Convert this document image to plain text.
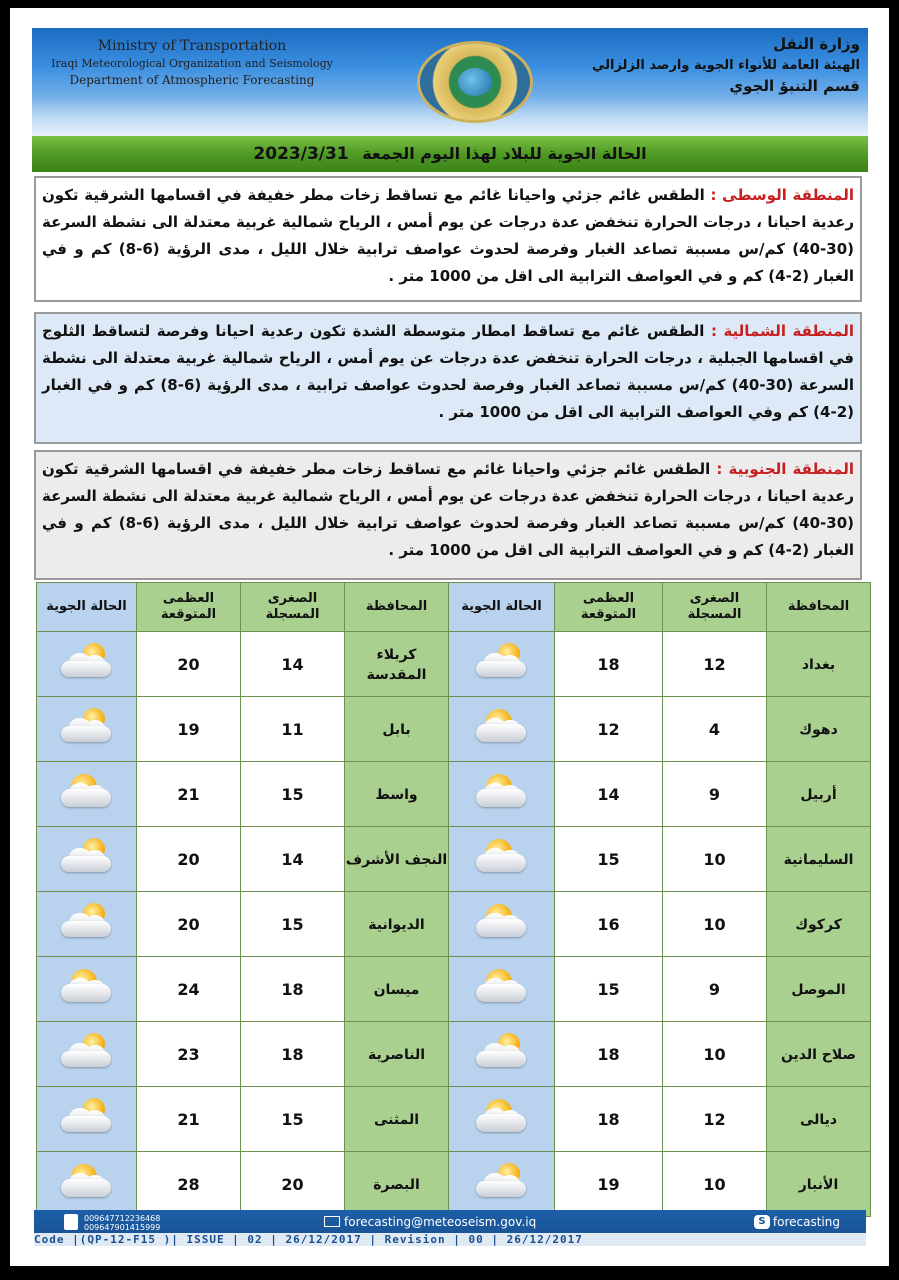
Ministry of Transportation
Iraqi Meteorological Organization and Seismology
Department of Atmospheric Forecasting
وزارة النقل
الهيئة العامة للأنواء الجوية وارصد الزلزالي
قسم التنبؤ الجوي
الحالة الجوية للبلاد لهذا اليوم الجمعة 2023/3/31
المنطقة الوسطى : الطقس غائم جزئي واحيانا غائم مع تساقط زخات مطر خفيفة في اقسامها الشرقية تكون رعدية احيانا ، درجات الحرارة تنخفض عدة درجات عن يوم أمس ، الرياح شمالية غربية معتدلة الى نشطة السرعة (30-40) كم/س مسببة تصاعد الغبار وفرصة لحدوث عواصف ترابية خلال الليل ، مدى الرؤية (6-8) كم و في الغبار (2-4) كم و في العواصف الترابية الى اقل من 1000 متر .
المنطقة الشمالية : الطقس غائم مع تساقط امطار متوسطة الشدة تكون رعدية احيانا وفرصة لتساقط الثلوج في اقسامها الجبلية ، درجات الحرارة تنخفض عدة درجات عن يوم أمس ، الرياح شمالية غربية معتدلة الى نشطة السرعة (30-40) كم/س مسببة تصاعد الغبار وفرصة لحدوث عواصف ترابية ، مدى الرؤية (6-8) كم و في الغبار (2-4) كم وفي العواصف الترابية الى اقل من 1000 متر .
المنطقة الجنوبية : الطقس غائم جزئي واحيانا غائم مع تساقط زخات مطر خفيفة في اقسامها الشرقية تكون رعدية احيانا ، درجات الحرارة تنخفض عدة درجات عن يوم أمس ، الرياح شمالية غربية معتدلة الى نشطة السرعة (30-40) كم/س مسببة تصاعد الغبار وفرصة لحدوث عواصف ترابية خلال الليل ، مدى الرؤية (6-8) كم و في الغبار (2-4) كم و في العواصف الترابية الى اقل من 1000 متر .
المحافظة	الصغرى المسجلة	العظمى المتوقعة	الحالة الجوية	المحافظة	الصغرى المسجلة	العظمى المتوقعة	الحالة الجوية
بغداد	12	18		كربلاء المقدسة	14	20	

دهوك	4	12		بابل	11	19	

أربيل	9	14		واسط	15	21	

السليمانية	10	15		النجف الأشرف	14	20	

كركوك	10	16		الديوانية	15	20	

الموصل	9	15		ميسان	18	24	

صلاح الدين	10	18		الناصرية	18	23	

ديالى	12	18		المثنى	15	21	

الأنبار	10	19		البصرة	20	28	
009647712236468
009647901415999	forecasting@meteoseism.gov.iq	S forecasting
Code |(QP-12-F15 )| ISSUE | 02 | 26/12/2017 | Revision | 00 | 26/12/2017
